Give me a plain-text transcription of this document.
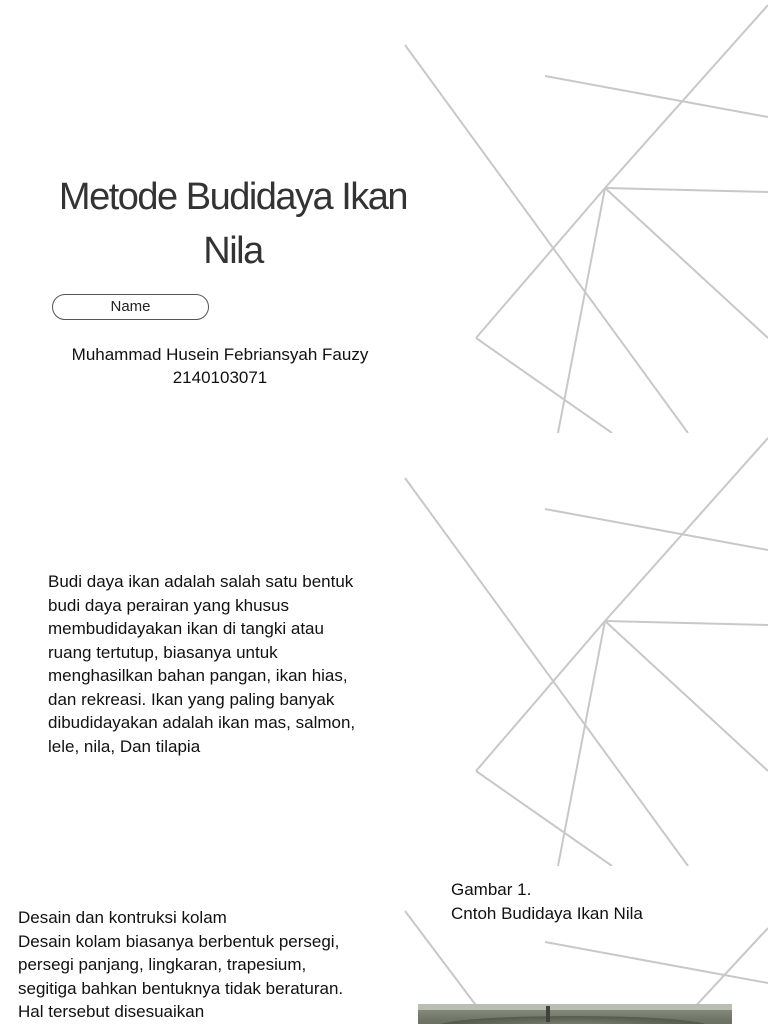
Metode Budidaya Ikan Nila
Name
Muhammad Husein Febriansyah Fauzy
2140103071
Budi daya ikan adalah salah satu bentuk budi daya perairan yang khusus membudidayakan ikan di tangki atau ruang tertutup, biasanya untuk menghasilkan bahan pangan, ikan hias, dan rekreasi. Ikan yang paling banyak dibudidayakan adalah ikan mas, salmon, lele, nila, Dan tilapia
Gambar 1.
Cntoh Budidaya Ikan Nila
Desain dan kontruksi kolam
Desain kolam biasanya berbentuk persegi, persegi panjang, lingkaran, trapesium, segitiga bahkan bentuknya tidak beraturan. Hal tersebut disesuaikan
